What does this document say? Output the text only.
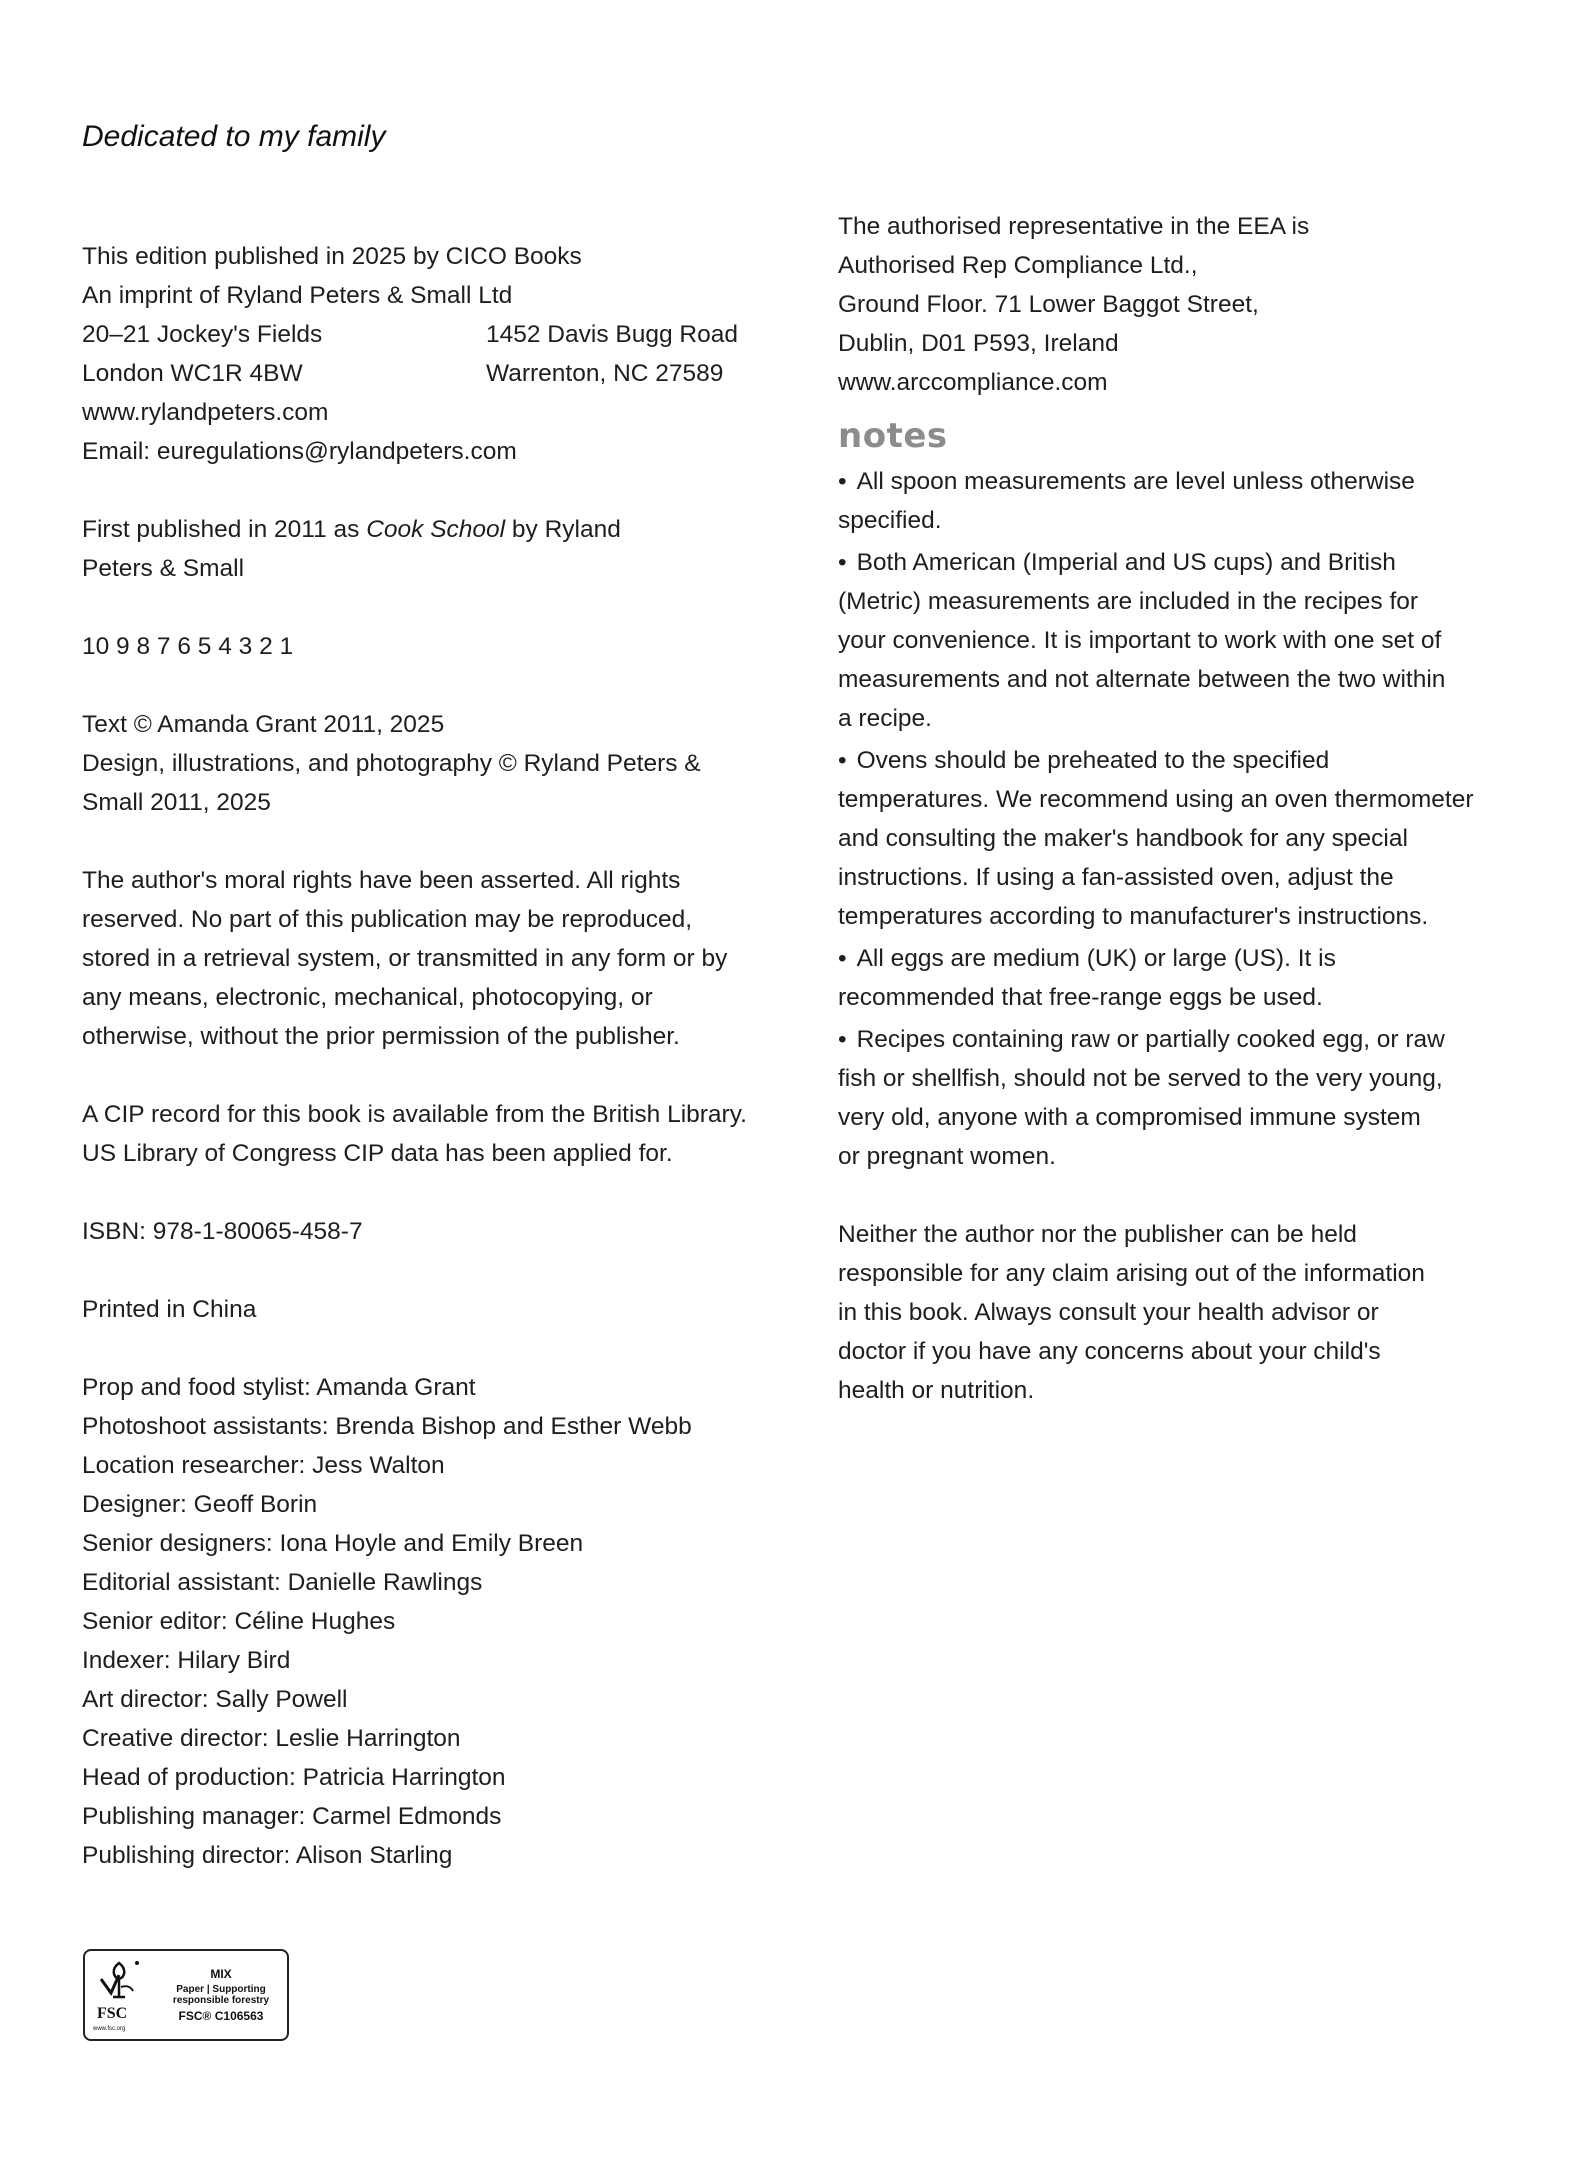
Dedicated to my family
This edition published in 2025 by CICO Books
An imprint of Ryland Peters & Small Ltd
20–21 Jockey's Fields	1452 Davis Bugg Road
London WC1R 4BW	Warrenton, NC 27589
www.rylandpeters.com
Email: euregulations@rylandpeters.com
First published in 2011 as Cook School by Ryland
Peters & Small
10 9 8 7 6 5 4 3 2 1
Text © Amanda Grant 2011, 2025
Design, illustrations, and photography © Ryland Peters &
Small 2011, 2025
The author's moral rights have been asserted. All rights
reserved. No part of this publication may be reproduced,
stored in a retrieval system, or transmitted in any form or by
any means, electronic, mechanical, photocopying, or
otherwise, without the prior permission of the publisher.
A CIP record for this book is available from the British Library.
US Library of Congress CIP data has been applied for.
ISBN: 978-1-80065-458-7
Printed in China
Prop and food stylist: Amanda Grant
Photoshoot assistants: Brenda Bishop and Esther Webb
Location researcher: Jess Walton
Designer: Geoff Borin
Senior designers: Iona Hoyle and Emily Breen
Editorial assistant: Danielle Rawlings
Senior editor: Céline Hughes
Indexer: Hilary Bird
Art director: Sally Powell
Creative director: Leslie Harrington
Head of production: Patricia Harrington
Publishing manager: Carmel Edmonds
Publishing director: Alison Starling
The authorised representative in the EEA is
Authorised Rep Compliance Ltd.,
Ground Floor. 71 Lower Baggot Street,
Dublin, D01 P593, Ireland
www.arccompliance.com
notes
• All spoon measurements are level unless otherwise
specified.
• Both American (Imperial and US cups) and British
(Metric) measurements are included in the recipes for
your convenience. It is important to work with one set of
measurements and not alternate between the two within
a recipe.
• Ovens should be preheated to the specified
temperatures. We recommend using an oven thermometer
and consulting the maker's handbook for any special
instructions. If using a fan-assisted oven, adjust the
temperatures according to manufacturer's instructions.
• All eggs are medium (UK) or large (US). It is
recommended that free-range eggs be used.
• Recipes containing raw or partially cooked egg, or raw
fish or shellfish, should not be served to the very young,
very old, anyone with a compromised immune system
or pregnant women.
Neither the author nor the publisher can be held
responsible for any claim arising out of the information
in this book. Always consult your health advisor or
doctor if you have any concerns about your child's
health or nutrition.
FSC
www.fsc.org
MIX
Paper | Supporting
responsible forestry
FSC® C106563
